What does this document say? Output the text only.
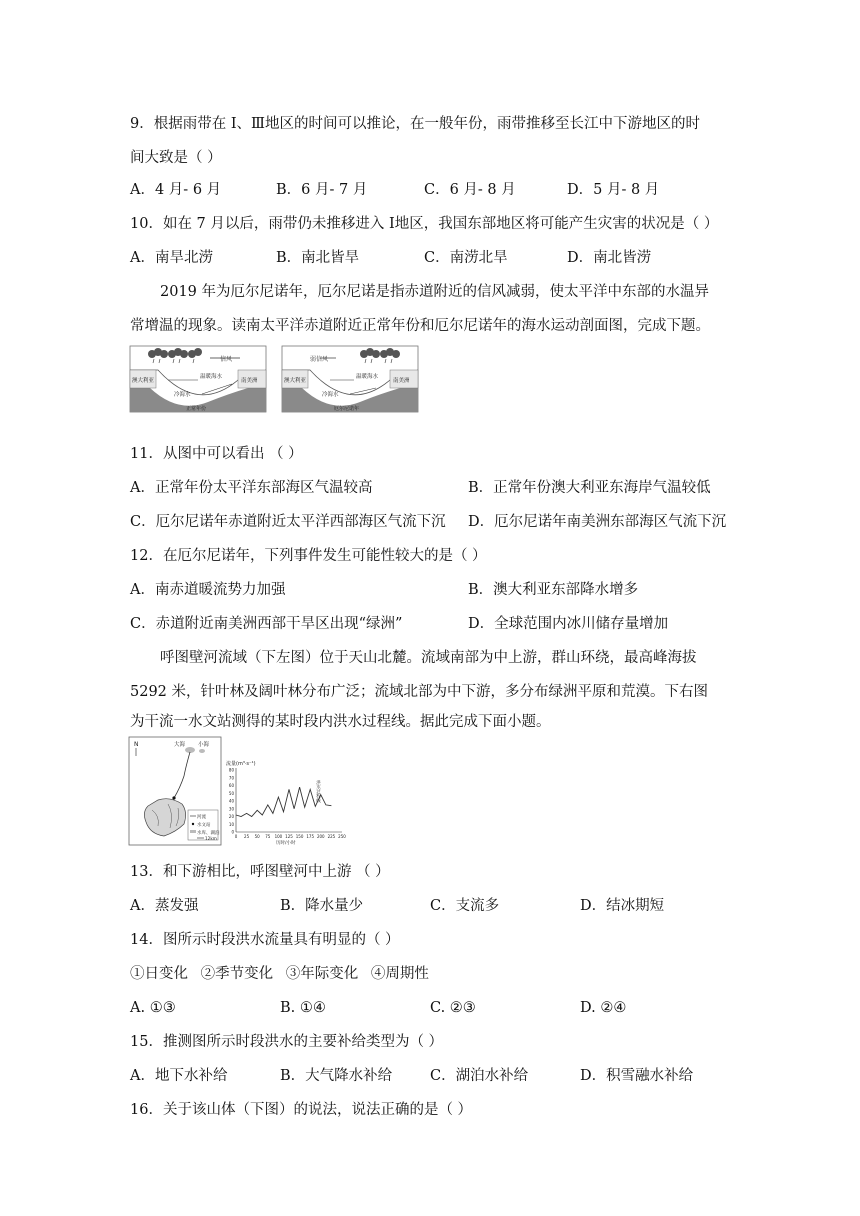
9．根据雨带在 Ⅰ、Ⅲ地区的时间可以推论，在一般年份，雨带推移至长江中下游地区的时
间大致是（ ）
A．4 月- 6 月	B．6 月- 7 月	C．6 月- 8 月	D．5 月- 8 月
10．如在 7 月以后，雨带仍未推移进入 Ⅰ地区，我国东部地区将可能产生灾害的状况是（ ）
A．南旱北涝	B．南北皆旱	C．南涝北旱	D．南北皆涝
2019 年为厄尔尼诺年，厄尔尼诺是指赤道附近的信风减弱，使太平洋中东部的水温异
常增温的现象。读南太平洋赤道附近正常年份和厄尔尼诺年的海水运动剖面图，完成下题。
信风
澳大利亚	南美洲
温暖海水
冷海水
正常年份
弱信风
澳大利亚	南美洲
温暖海水
冷海水
厄尔尼诺年
11．从图中可以看出 （ ）
A．正常年份太平洋东部海区气温较高	B．正常年份澳大利亚东海岸气温较低
C．厄尔尼诺年赤道附近太平洋西部海区气流下沉 D．厄尔尼诺年南美洲东部海区气流下沉
12．在厄尔尼诺年，下列事件发生可能性较大的是（ ）
A．南赤道暖流势力加强	B．澳大利亚东部降水增多
C．赤道附近南美洲西部干旱区出现“绿洲”	D．全球范围内冰川储存量增加
呼图壁河流域（下左图）位于天山北麓。流域南部为中上游，群山环绕，最高峰海拔
5292 米，针叶林及阔叶林分布广泛；流域北部为中下游，多分布绿洲平原和荒漠。下右图
为干流一水文站测得的某时段内洪水过程线。据此完成下面小题。
N	大海 小海
河流
水文站
水库、湖泊
12km
流量(m³·s⁻¹)
0
10
20
30
40
50
60
70
80
0 25 50 75 100 125 150 175 200 225 250
洪水过程线
历时/小时
13．和下游相比，呼图壁河中上游 （ ）
A．蒸发强	B．降水量少	C．支流多	D．结冰期短
14．图所示时段洪水流量具有明显的（ ）
①日变化 ②季节变化 ③年际变化 ④周期性
A. ①③	B. ①④	C. ②③	D. ②④
15．推测图所示时段洪水的主要补给类型为（ ）
A．地下水补给	B．大气降水补给	C．湖泊水补给	D．积雪融水补给
16．关于该山体（下图）的说法，说法正确的是（ ）
